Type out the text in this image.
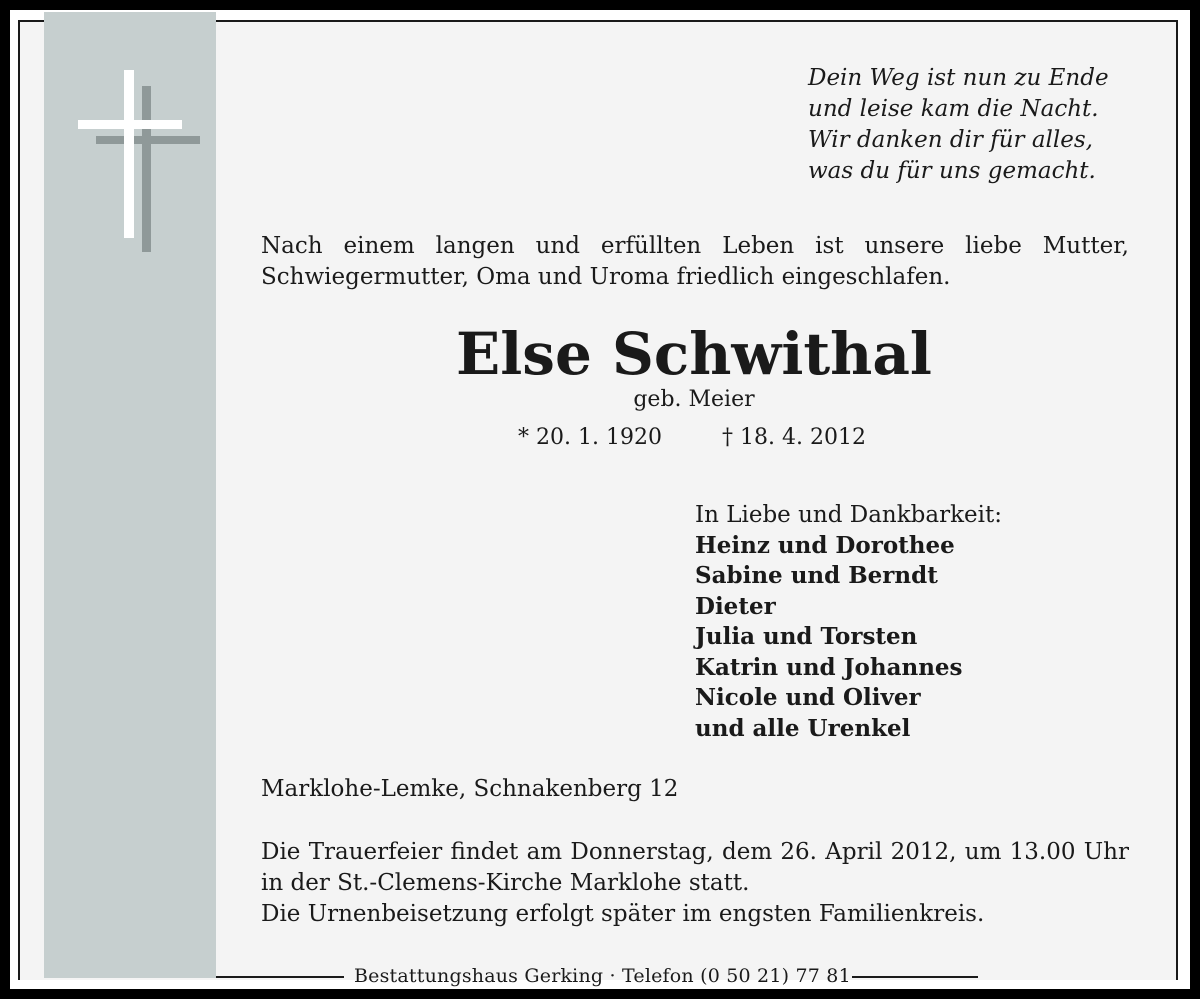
Dein Weg ist nun zu Ende
und leise kam die Nacht.
Wir danken dir für alles,
was du für uns gemacht.
Nach einem langen und erfüllten Leben ist unsere liebe Mutter, Schwiegermutter, Oma und Uroma friedlich eingeschlafen.
Else Schwithal
geb. Meier
* 20. 1. 1920	† 18. 4. 2012
In Liebe und Dankbarkeit:
Heinz und Dorothee
Sabine und Berndt
Dieter
Julia und Torsten
Katrin und Johannes
Nicole und Oliver
und alle Urenkel
Marklohe-Lemke, Schnakenberg 12
Die Trauerfeier findet am Donnerstag, dem 26. April 2012, um 13.00 Uhr in der St.-Clemens-Kirche Marklohe statt.
Die Urnenbeisetzung erfolgt später im engsten Familienkreis.
Bestattungshaus Gerking · Telefon (0 50 21) 77 81
